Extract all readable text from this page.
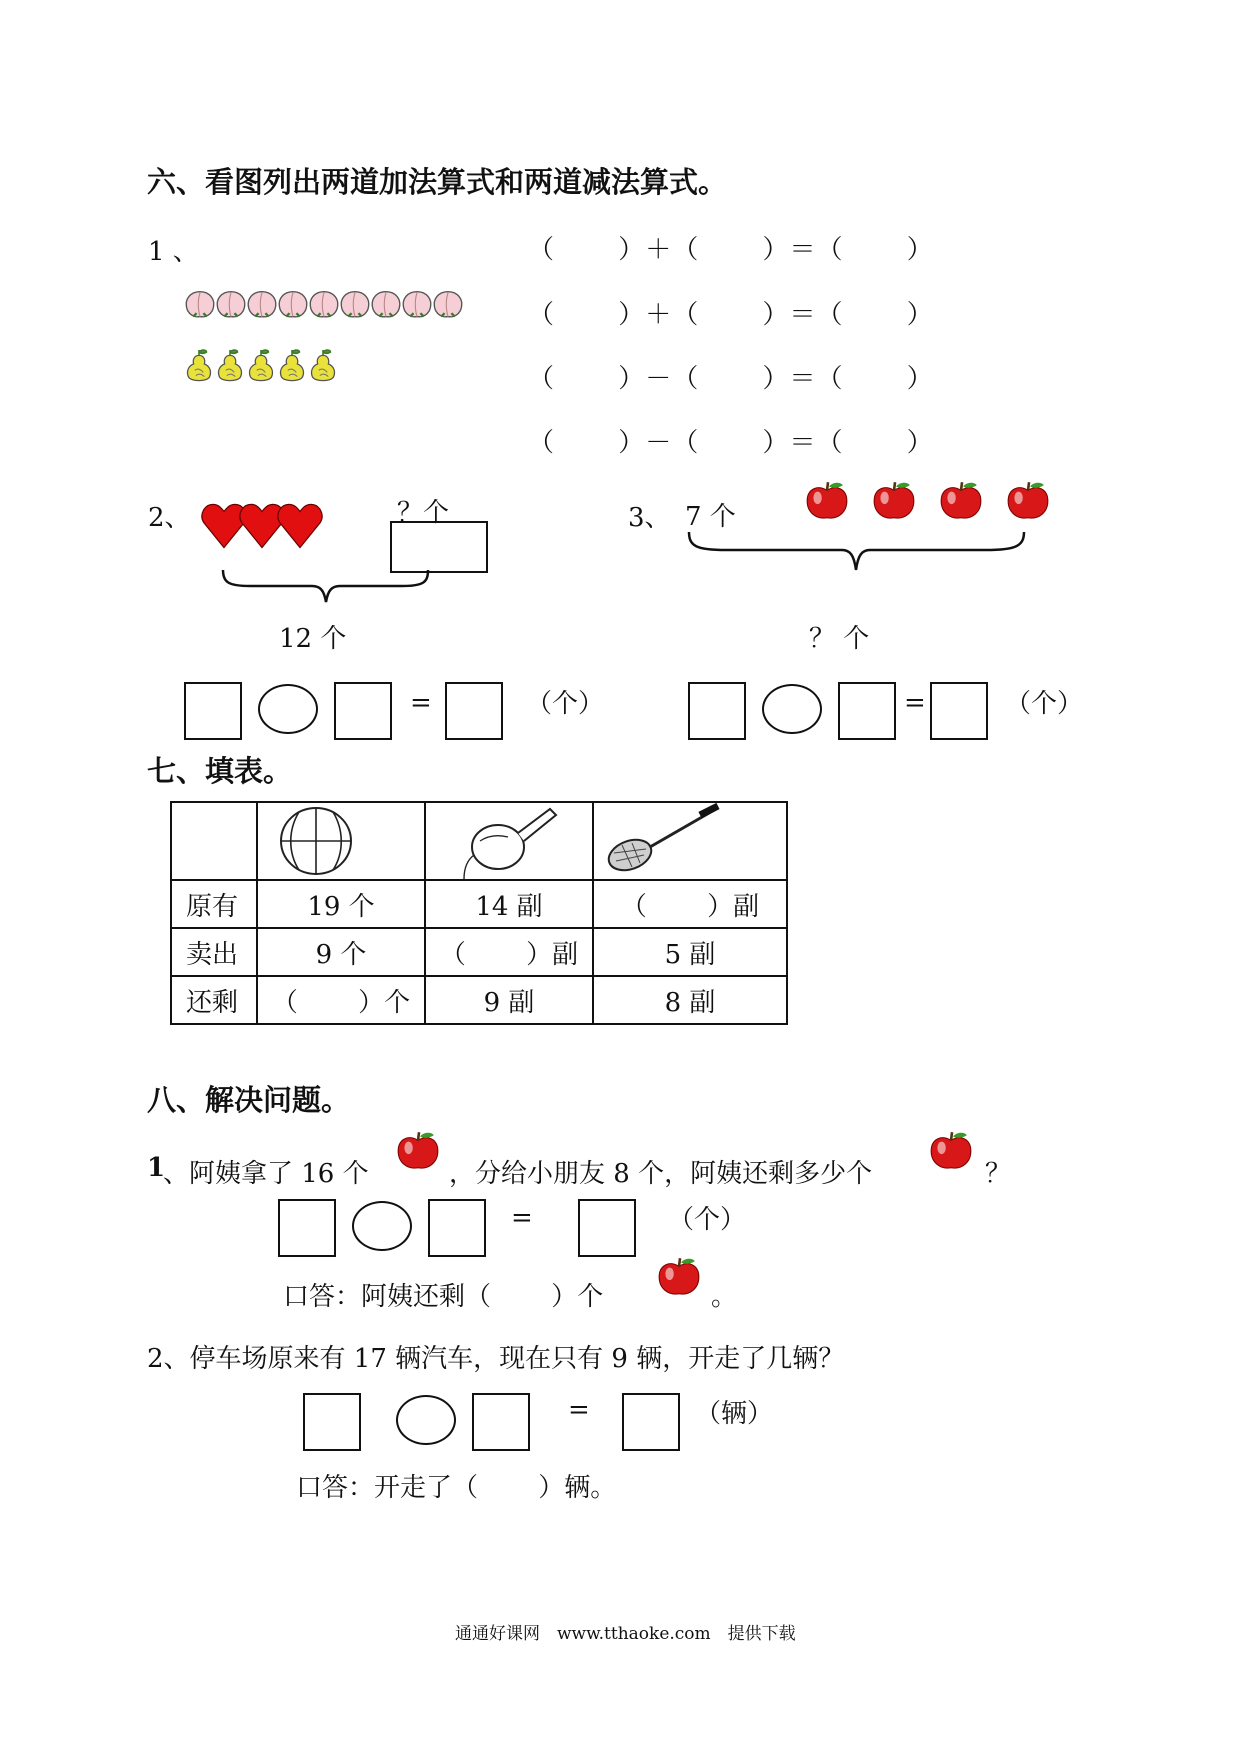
六、看图列出两道加法算式和两道减法算式。
1 、	（　　 ）＋（　　 ）＝（　　 ）
（　　 ）＋（　　 ）＝（　　 ）
（　　 ）－（　　 ）＝（　　 ）
（　　 ）－（　　 ）＝（　　 ）
2、	？个
12 个
=	（个）
3、 7 个
？ 个
=	（个）
七、填表。

原有	19 个	14 副	（　　 ）副
卖出	9 个	（　　 ）副	5 副
还剩	（　　 ）个	9 副	8 副
八、解决问题。
1
、阿姨拿了 16 个	，分给小朋友 8 个，阿姨还剩多少个	？
=	（个）
口答：阿姨还剩（　　 ）个	。
2、停车场原来有 17 辆汽车，现在只有 9 辆，开走了几辆？
=	（辆）
口答：开走了（　　 ）辆。
通通好课网　www.tthaoke.com　提供下载
